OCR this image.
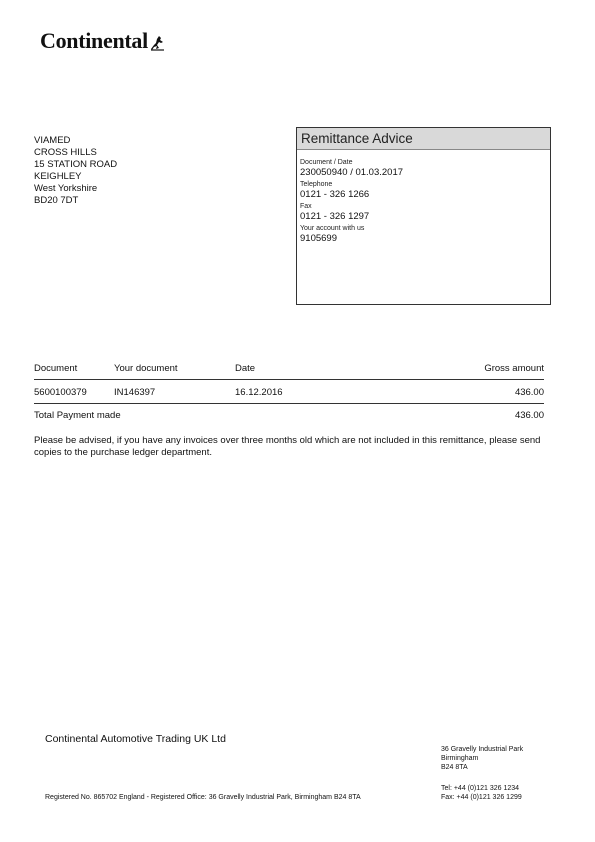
Continental
VIAMED
CROSS HILLS
15 STATION ROAD
KEIGHLEY
West Yorkshire
BD20 7DT
Remittance Advice
Document / Date
230050940 / 01.03.2017
Telephone
0121 - 326 1266
Fax
0121 - 326 1297
Your account with us
9105699
Document	Your document	Date	Gross amount
5600100379	IN146397	16.12.2016	436.00
Total Payment made	436.00
Please be advised, if you have any invoices over three months old which are not included in this remittance, please send copies to the purchase ledger department.
Continental Automotive Trading UK Ltd
36 Gravelly Industrial Park
Birmingham
B24 8TA
Tel: +44 (0)121 326 1234
Fax: +44 (0)121 326 1299
Registered No. 865702 England - Registered Office: 36 Gravelly Industrial Park, Birmingham B24 8TA
